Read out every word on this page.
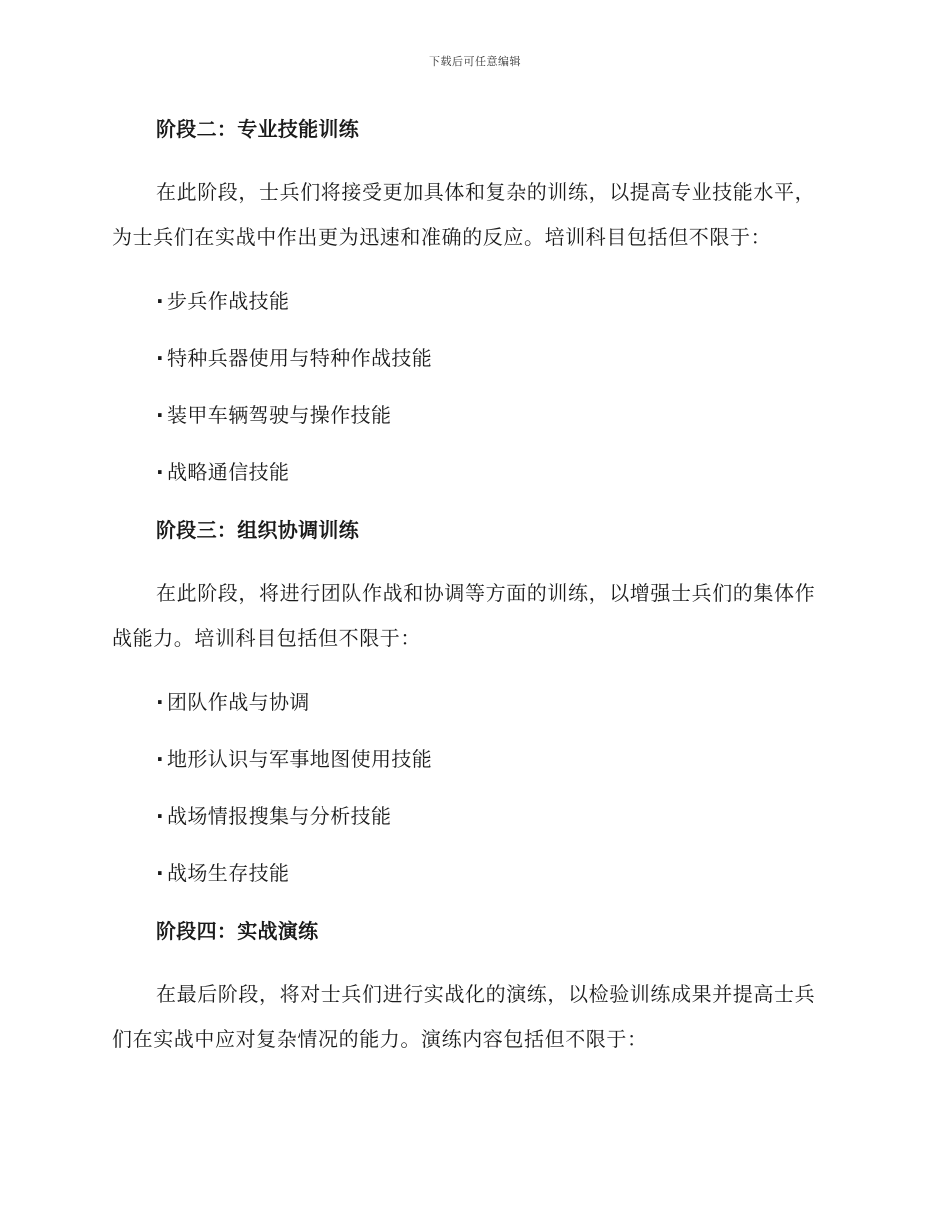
下载后可任意编辑
阶段二：专业技能训练

在此阶段，士兵们将接受更加具体和复杂的训练，以提高专业技能水平，为士兵们在实战中作出更为迅速和准确的反应。培训科目包括但不限于：

· 步兵作战技能
· 特种兵器使用与特种作战技能
· 装甲车辆驾驶与操作技能
· 战略通信技能
阶段三：组织协调训练

在此阶段，将进行团队作战和协调等方面的训练，以增强士兵们的集体作战能力。培训科目包括但不限于：

· 团队作战与协调
· 地形认识与军事地图使用技能
· 战场情报搜集与分析技能
· 战场生存技能
阶段四：实战演练

在最后阶段，将对士兵们进行实战化的演练，以检验训练成果并提高士兵们在实战中应对复杂情况的能力。演练内容包括但不限于：
